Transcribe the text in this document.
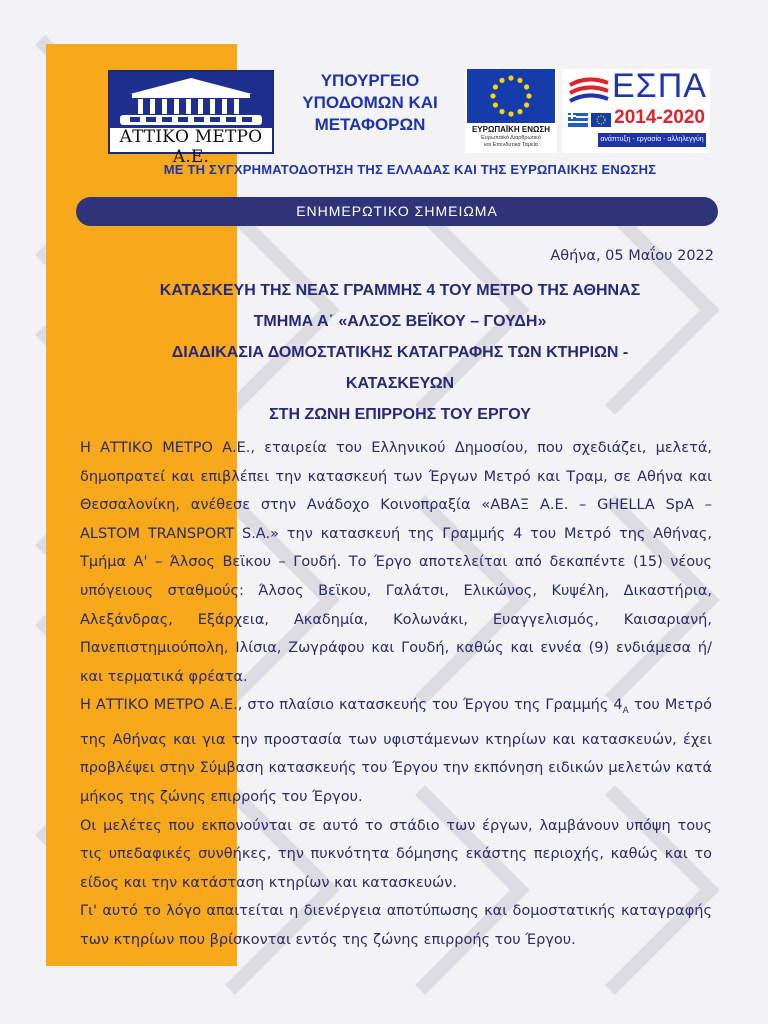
ΑΤΤΙΚΟ ΜΕΤΡΟ Α.Ε.
ΥΠΟΥΡΓΕΙΟ
ΥΠΟΔΟΜΩΝ ΚΑΙ
ΜΕΤΑΦΟΡΩΝ	ΕΥΡΩΠΑΪΚΗ ΕΝΩΣΗ
Ευρωπαϊκό Διαρθρωτικό
και Επενδυτικά Ταμεία
ΕΣΠΑ
2014-2020
ανάπτυξη - εργασία - αλληλεγγύη
ΜΕ ΤΗ ΣΥΓΧΡΗΜΑΤΟΔΟΤΗΣΗ ΤΗΣ ΕΛΛΑΔΑΣ ΚΑΙ ΤΗΣ ΕΥΡΩΠΑΙΚΗΣ ΕΝΩΣΗΣ
ΕΝΗΜΕΡΩΤΙΚΟ ΣΗΜΕΙΩΜΑ
Αθήνα, 05 Μαΐου 2022
ΚΑΤΑΣΚΕΥΗ ΤΗΣ ΝΕΑΣ ΓΡΑΜΜΗΣ 4 ΤΟΥ ΜΕΤΡΟ ΤΗΣ ΑΘΗΝΑΣ
ΤΜΗΜΑ Α΄ «ΑΛΣΟΣ ΒΕΪΚΟΥ – ΓΟΥΔΗ»
ΔΙΑΔΙΚΑΣΙΑ ΔΟΜΟΣΤΑΤΙΚΗΣ ΚΑΤΑΓΡΑΦΗΣ ΤΩΝ ΚΤΗΡΙΩΝ -
ΚΑΤΑΣΚΕΥΩΝ
ΣΤΗ ΖΩΝΗ ΕΠΙΡΡΟΗΣ ΤΟΥ ΕΡΓΟΥ

Η ΑΤΤΙΚΟ ΜΕΤΡΟ Α.Ε., εταιρεία του Ελληνικού Δημοσίου, που σχεδιάζει, μελετά, δημοπρατεί και επιβλέπει την κατασκευή των Έργων Μετρό και Τραμ, σε Αθήνα και Θεσσαλονίκη, ανέθεσε στην Ανάδοχο Κοινοπραξία «ΑΒΑΞ Α.Ε. – GHELLA SpA – ALSTOM TRANSPORT S.A.» την κατασκευή της Γραμμής 4 του Μετρό της Αθήνας, Τμήμα Α' – Άλσος Βεϊκου – Γουδή. Το Έργο αποτελείται από δεκαπέντε (15) νέους υπόγειους σταθμούς: Άλσος Βεϊκου, Γαλάτσι, Ελικώνος, Κυψέλη, Δικαστήρια, Αλεξάνδρας, Εξάρχεια, Ακαδημία, Κολωνάκι, Ευαγγελισμός, Καισαριανή, Πανεπιστημιούπολη, Ιλίσια, Ζωγράφου και Γουδή, καθώς και εννέα (9) ενδιάμεσα ή/και τερματικά φρέατα.

Η ΑΤΤΙΚΟ ΜΕΤΡΟ Α.Ε., στο πλαίσιο κατασκευής του Έργου της Γραμμής $4_A$ του Μετρό της Αθήνας και για την προστασία των υφιστάμενων κτηρίων και κατασκευών, έχει προβλέψει στην Σύμβαση κατασκευής του Έργου την εκπόνηση ειδικών μελετών κατά μήκος της ζώνης επιρροής του Έργου.

Οι μελέτες που εκπονούνται σε αυτό το στάδιο των έργων, λαμβάνουν υπόψη τους τις υπεδαφικές συνθήκες, την πυκνότητα δόμησης εκάστης περιοχής, καθώς και το είδος και την κατάσταση κτηρίων και κατασκευών.

Γι' αυτό το λόγο απαιτείται η διενέργεια αποτύπωσης και δομοστατικής καταγραφής των κτηρίων που βρίσκονται εντός της ζώνης επιρροής του Έργου.
